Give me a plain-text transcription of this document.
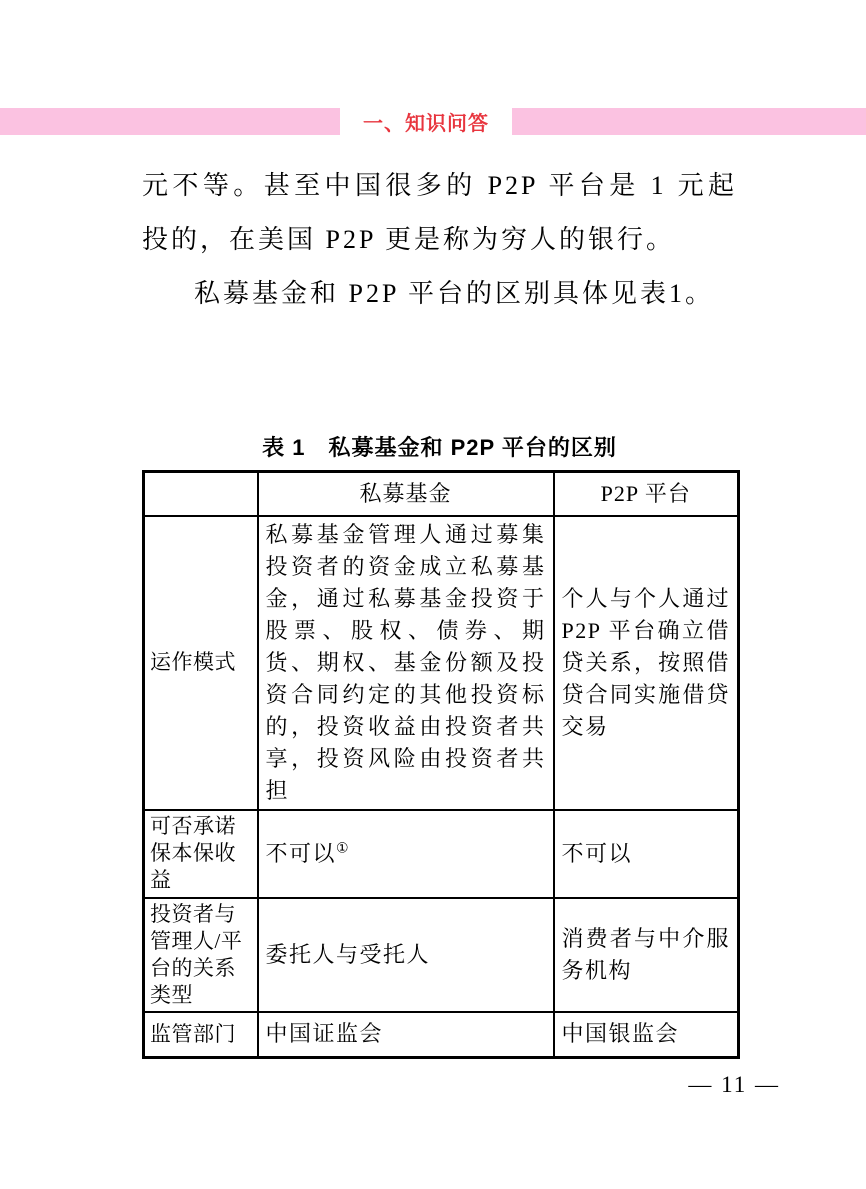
一、知识问答

元不等。甚至中国很多的 P2P 平台是 1 元起投的，在美国 P2P 更是称为穷人的银行。

私募基金和 P2P 平台的区别具体见表1。

表 1　私募基金和 P2P 平台的区别
	私募基金	P2P 平台
运作模式	私募基金管理人通过募集投资者的资金成立私募基金，通过私募基金投资于股票、股权、债券、期货、期权、基金份额及投资合同约定的其他投资标的，投资收益由投资者共享，投资风险由投资者共担	个人与个人通过 P2P 平台确立借贷关系，按照借贷合同实施借贷交易
可否承诺保本保收益	不可以①	不可以
投资者与管理人/平台的关系类型	委托人与受托人	消费者与中介服务机构
监管部门	中国证监会	中国银监会
— 11 —
